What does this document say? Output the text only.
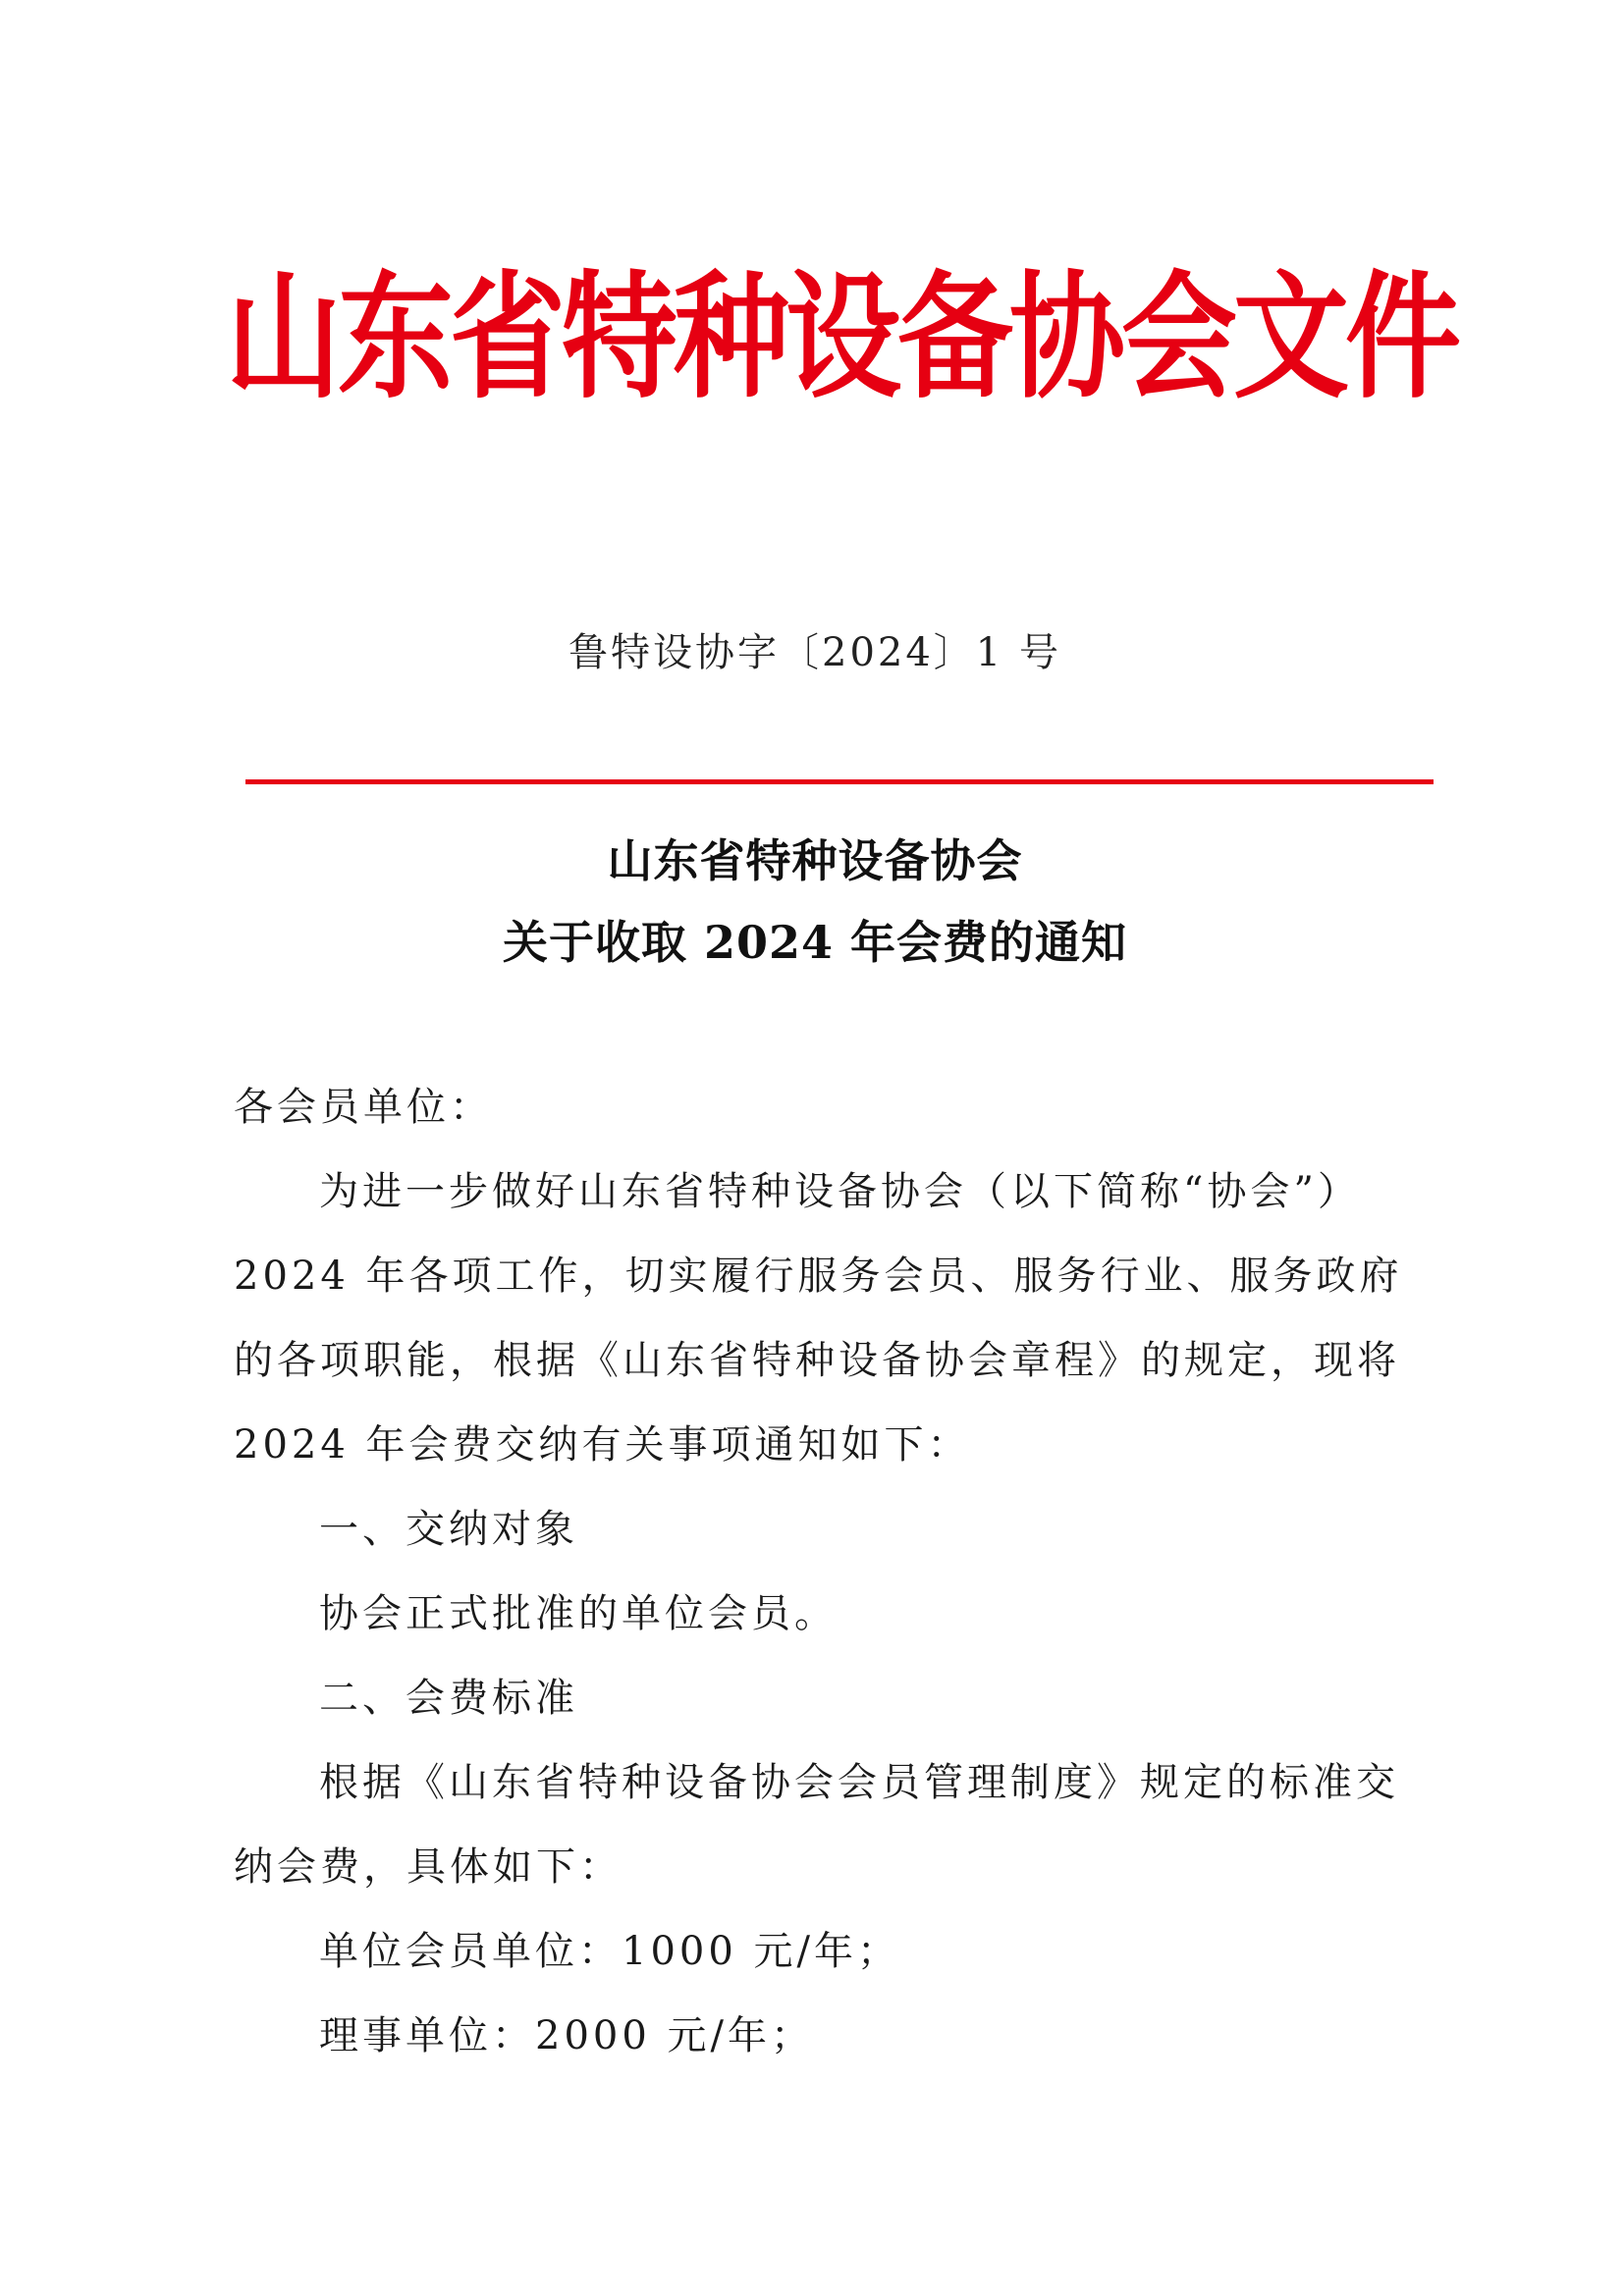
山东省特种设备协会文件
鲁特设协字〔2024〕1 号
山东省特种设备协会
关于收取 2024 年会费的通知
各会员单位：
为进一步做好山东省特种设备协会（以下简称“协会”）
2024 年各项工作，切实履行服务会员、服务行业、服务政府
的各项职能，根据《山东省特种设备协会章程》的规定，现将
2024 年会费交纳有关事项通知如下：
一、交纳对象
协会正式批准的单位会员。
二、会费标准
根据《山东省特种设备协会会员管理制度》规定的标准交
纳会费，具体如下：
单位会员单位：1000 元/年；
理事单位：2000 元/年；
